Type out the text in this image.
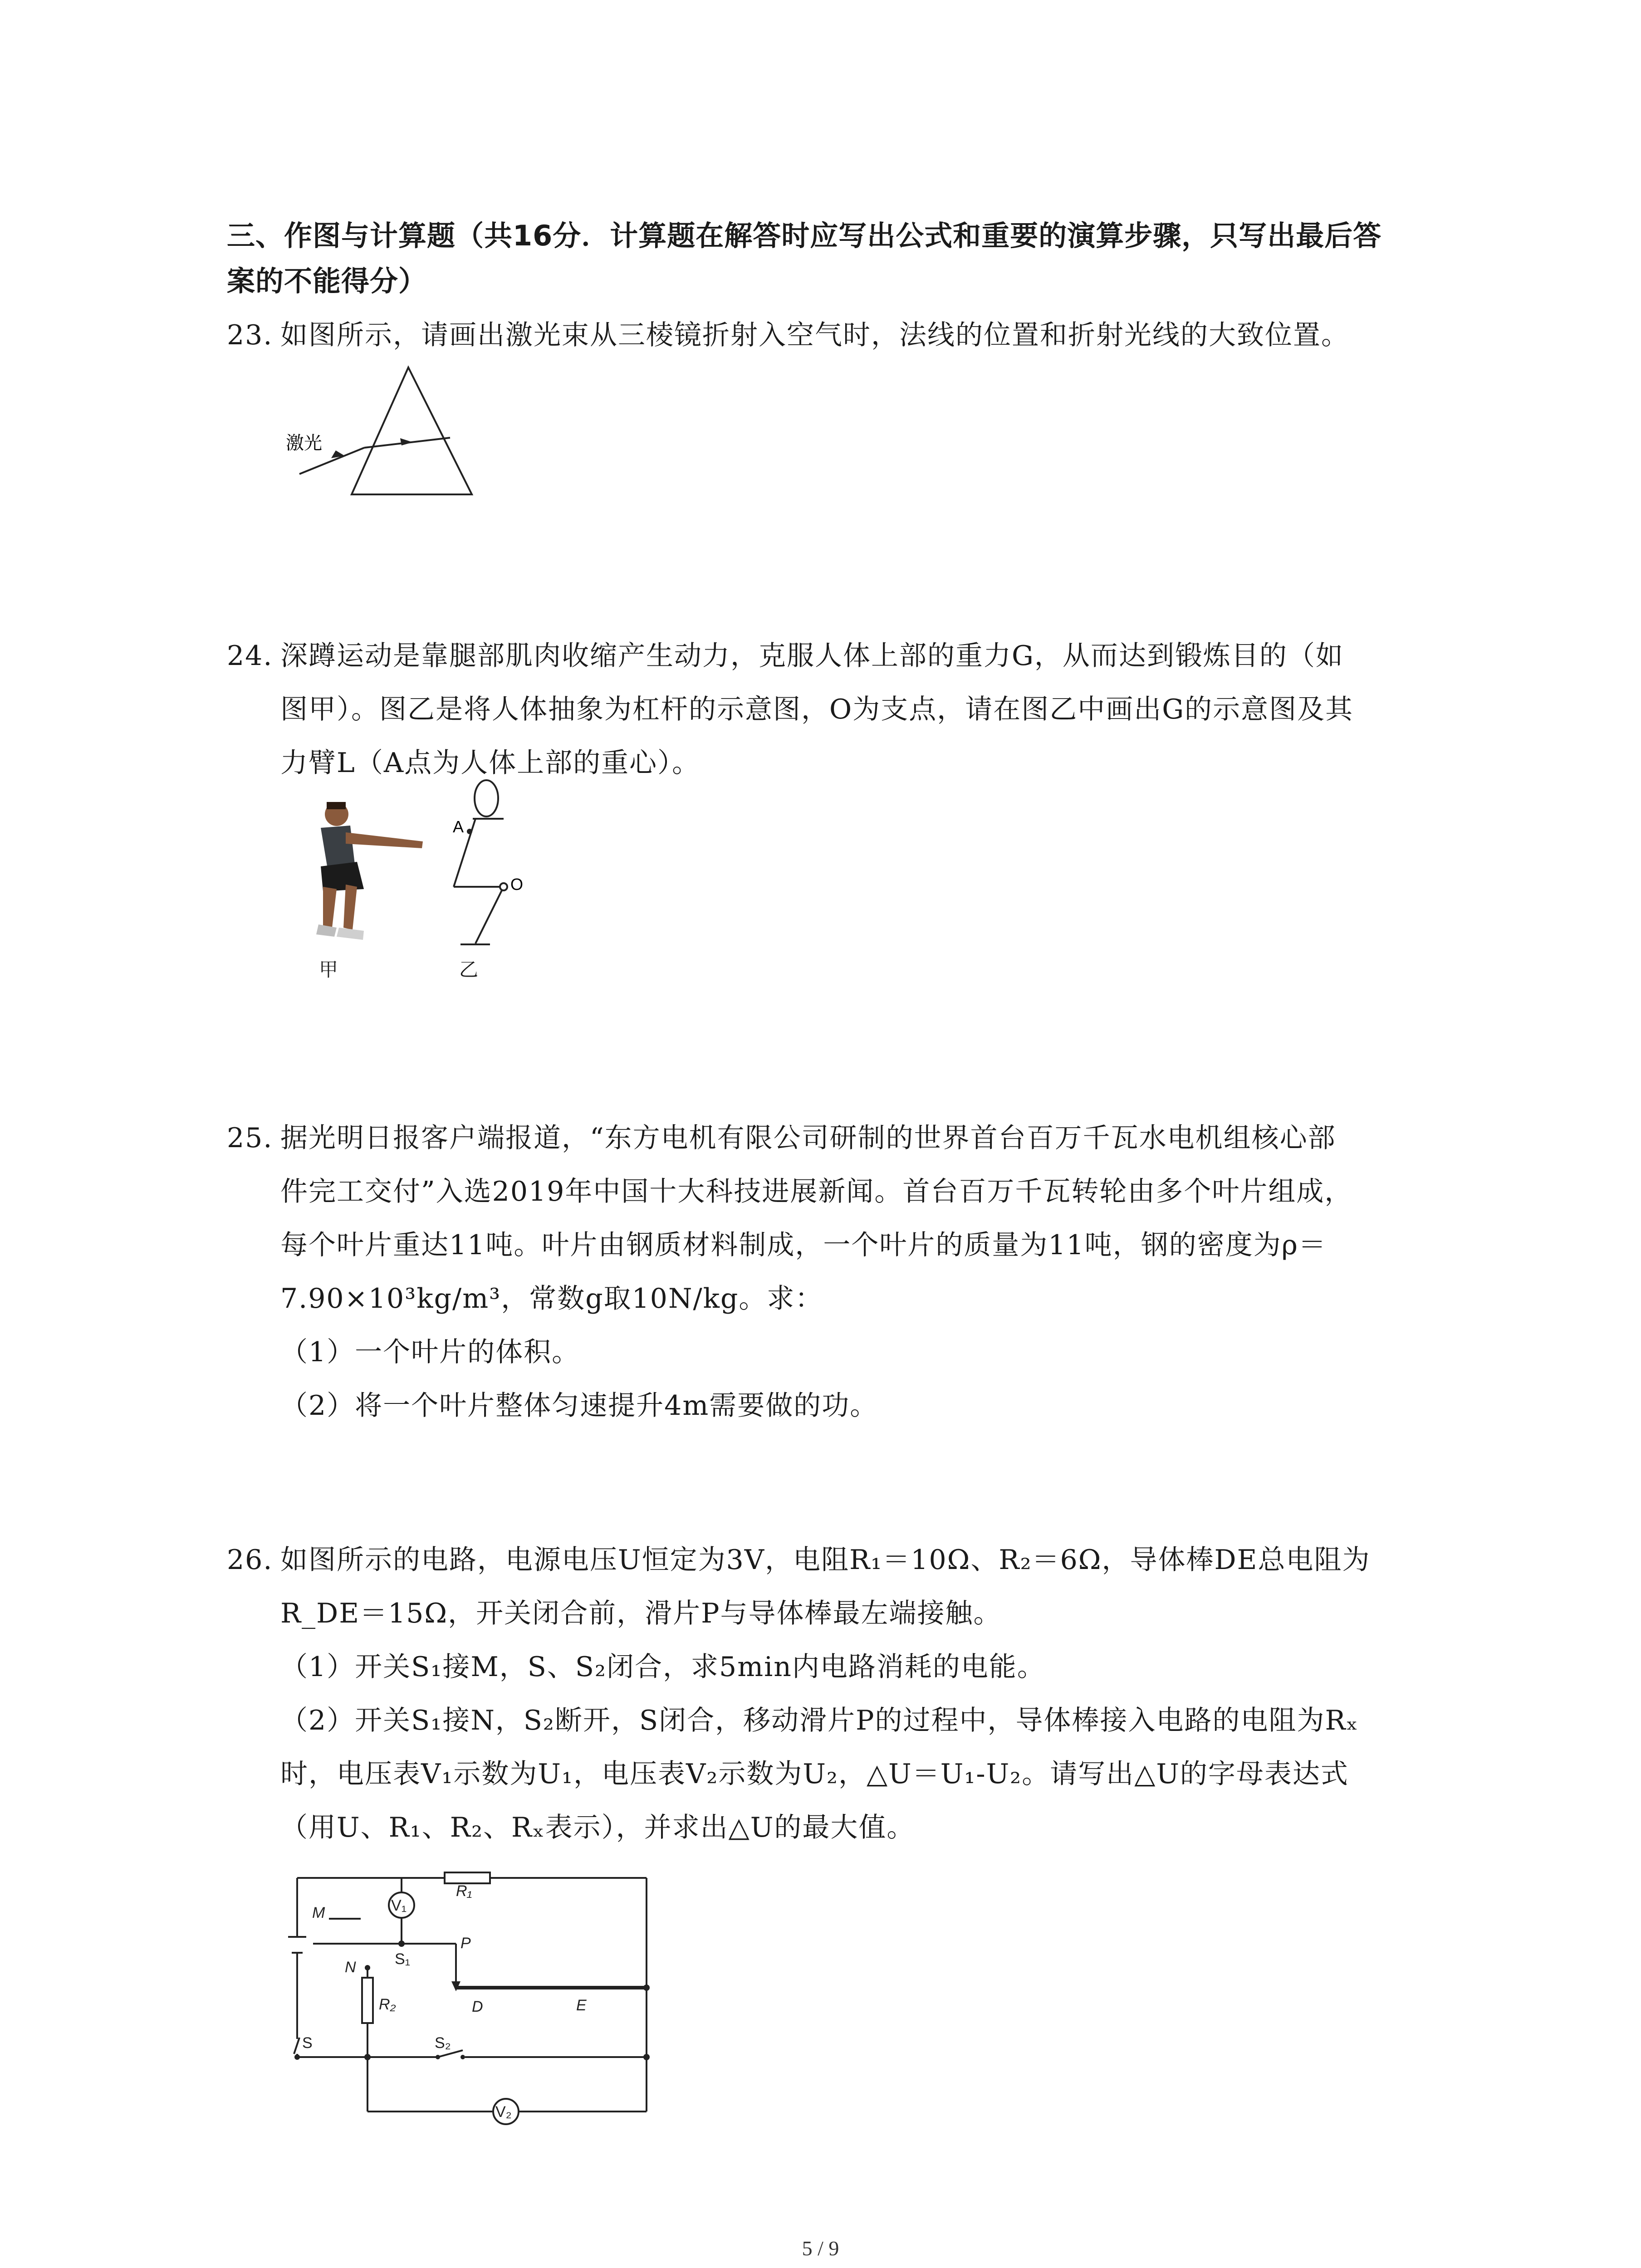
三、作图与计算题（共16分．计算题在解答时应写出公式和重要的演算步骤，只写出最后答
案的不能得分）
23. 如图所示，请画出激光束从三棱镜折射入空气时，法线的位置和折射光线的大致位置。
激光
24. 深蹲运动是靠腿部肌肉收缩产生动力，克服人体上部的重力G，从而达到锻炼目的（如
图甲）。图乙是将人体抽象为杠杆的示意图，O为支点，请在图乙中画出G的示意图及其
力臂L（A点为人体上部的重心）。
A
O
甲	乙
25. 据光明日报客户端报道，“东方电机有限公司研制的世界首台百万千瓦水电机组核心部
件完工交付”入选2019年中国十大科技进展新闻。首台百万千瓦转轮由多个叶片组成，
每个叶片重达11吨。叶片由钢质材料制成，一个叶片的质量为11吨，钢的密度为ρ＝
7.90×10³kg/m³，常数g取10N/kg。求：
（1）一个叶片的体积。
（2）将一个叶片整体匀速提升4m需要做的功。
26. 如图所示的电路，电源电压U恒定为3V，电阻R₁＝10Ω、R₂＝6Ω，导体棒DE总电阻为
R_DE＝15Ω，开关闭合前，滑片P与导体棒最左端接触。
（1）开关S₁接M，S、S₂闭合，求5min内电路消耗的电能。
（2）开关S₁接N，S₂断开，S闭合，移动滑片P的过程中，导体棒接入电路的电阻为Rₓ
时，电压表V₁示数为U₁，电压表V₂示数为U₂，△U＝U₁-U₂。请写出△U的字母表达式
（用U、R₁、R₂、Rₓ表示），并求出△U的最大值。
V₁
V₂
R₁
R₂
M
N	S₁
S₂
S
P
D	E
5 / 9
